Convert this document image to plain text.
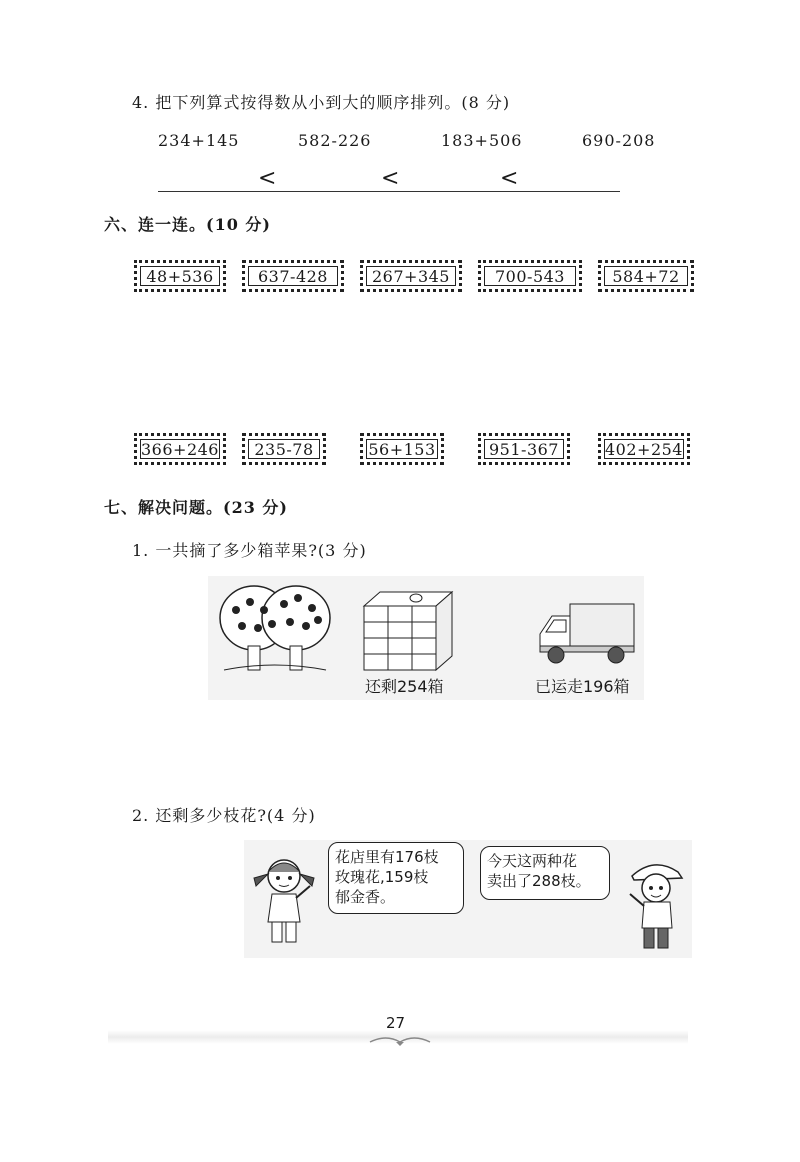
4. 把下列算式按得数从小到大的顺序排列。(8 分)
234+145	582-226	183+506	690-208
<	<	<
六、连一连。(10 分)
48+536	637-428	267+345	700-543	584+72
366+246	235-78	56+153	951-367	402+254
七、解决问题。(23 分)
1. 一共摘了多少箱苹果?(3 分)
还剩254箱	已运走196箱
2. 还剩多少枝花?(4 分)
花店里有176枝
玫瑰花,159枝
郁金香。
今天这两种花
卖出了288枝。
27
